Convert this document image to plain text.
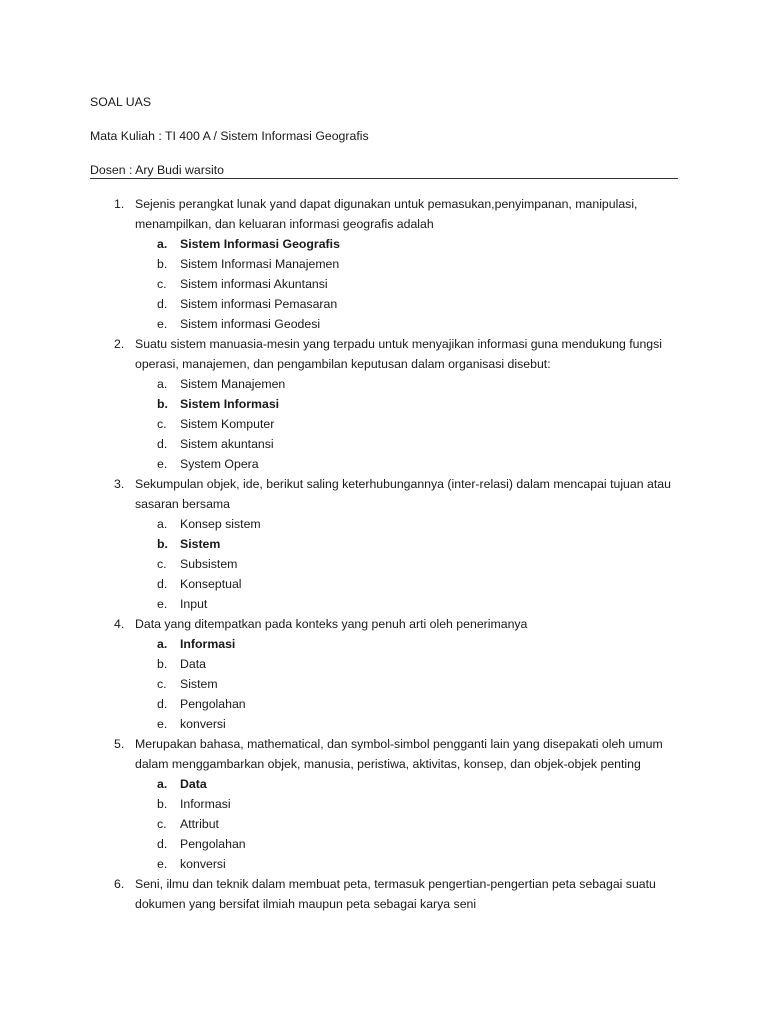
SOAL UAS

Mata Kuliah : TI 400 A / Sistem Informasi Geografis

Dosen : Ary Budi warsito

1. Sejenis perangkat lunak yand dapat digunakan untuk pemasukan,penyimpanan, manipulasi, menampilkan, dan keluaran informasi geografis adalah
a. Sistem Informasi Geografis
b. Sistem Informasi Manajemen
c. Sistem informasi Akuntansi
d. Sistem informasi Pemasaran
e. Sistem informasi Geodesi
2. Suatu sistem manuasia-mesin yang terpadu untuk menyajikan informasi guna mendukung fungsi operasi, manajemen, dan pengambilan keputusan dalam organisasi disebut:
a. Sistem Manajemen
b. Sistem Informasi
c. Sistem Komputer
d. Sistem akuntansi
e. System Opera
3. Sekumpulan objek, ide, berikut saling keterhubungannya (inter-relasi) dalam mencapai tujuan atau sasaran bersama
a. Konsep sistem
b. Sistem
c. Subsistem
d. Konseptual
e. Input
4. Data yang ditempatkan pada konteks yang penuh arti oleh penerimanya
a. Informasi
b. Data
c. Sistem
d. Pengolahan
e. konversi
5. Merupakan bahasa, mathematical, dan symbol-simbol pengganti lain yang disepakati oleh umum dalam menggambarkan objek, manusia, peristiwa, aktivitas, konsep, dan objek-objek penting
a. Data
b. Informasi
c. Attribut
d. Pengolahan
e. konversi
6. Seni, ilmu dan teknik dalam membuat peta, termasuk pengertian-pengertian peta sebagai suatu dokumen yang bersifat ilmiah maupun peta sebagai karya seni
